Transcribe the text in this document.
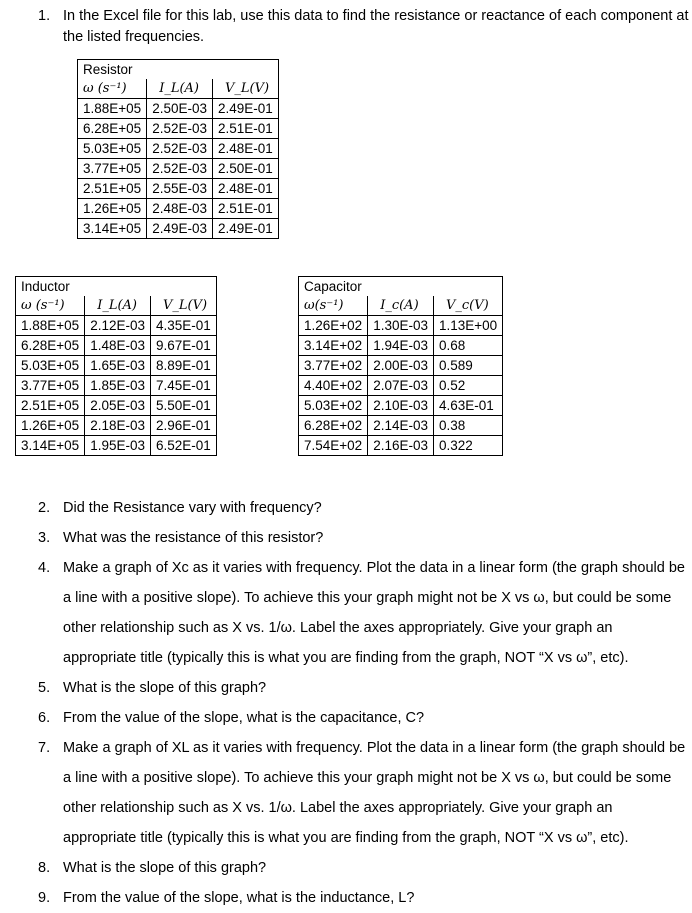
1. In the Excel file for this lab, use this data to find the resistance or reactance of each component at the listed frequencies.
Resistor		
ω (s⁻¹)	I_L(A)	V_L(V)
1.88E+05	2.50E-03	2.49E-01
6.28E+05	2.52E-03	2.51E-01
5.03E+05	2.52E-03	2.48E-01
3.77E+05	2.52E-03	2.50E-01
2.51E+05	2.55E-03	2.48E-01
1.26E+05	2.48E-03	2.51E-01
3.14E+05	2.49E-03	2.49E-01
Inductor		
ω (s⁻¹)	I_L(A)	V_L(V)
1.88E+05	2.12E-03	4.35E-01
6.28E+05	1.48E-03	9.67E-01
5.03E+05	1.65E-03	8.89E-01
3.77E+05	1.85E-03	7.45E-01
2.51E+05	2.05E-03	5.50E-01
1.26E+05	2.18E-03	2.96E-01
3.14E+05	1.95E-03	6.52E-01
Capacitor		
ω(s⁻¹)	I_c(A)	V_c(V)
1.26E+02	1.30E-03	1.13E+00
3.14E+02	1.94E-03	0.68
3.77E+02	2.00E-03	0.589
4.40E+02	2.07E-03	0.52
5.03E+02	2.10E-03	4.63E-01
6.28E+02	2.14E-03	0.38
7.54E+02	2.16E-03	0.322

2. Did the Resistance vary with frequency?

3. What was the resistance of this resistor?

4. Make a graph of Xc as it varies with frequency. Plot the data in a linear form (the graph should be a line with a positive slope). To achieve this your graph might not be X vs ω, but could be some other relationship such as X vs. 1/ω. Label the axes appropriately. Give your graph an appropriate title (typically this is what you are finding from the graph, NOT “X vs ω”, etc).

5. What is the slope of this graph?

6. From the value of the slope, what is the capacitance, C?

7. Make a graph of XL as it varies with frequency. Plot the data in a linear form (the graph should be a line with a positive slope). To achieve this your graph might not be X vs ω, but could be some other relationship such as X vs. 1/ω. Label the axes appropriately. Give your graph an appropriate title (typically this is what you are finding from the graph, NOT “X vs ω”, etc).

8. What is the slope of this graph?

9. From the value of the slope, what is the inductance, L?
